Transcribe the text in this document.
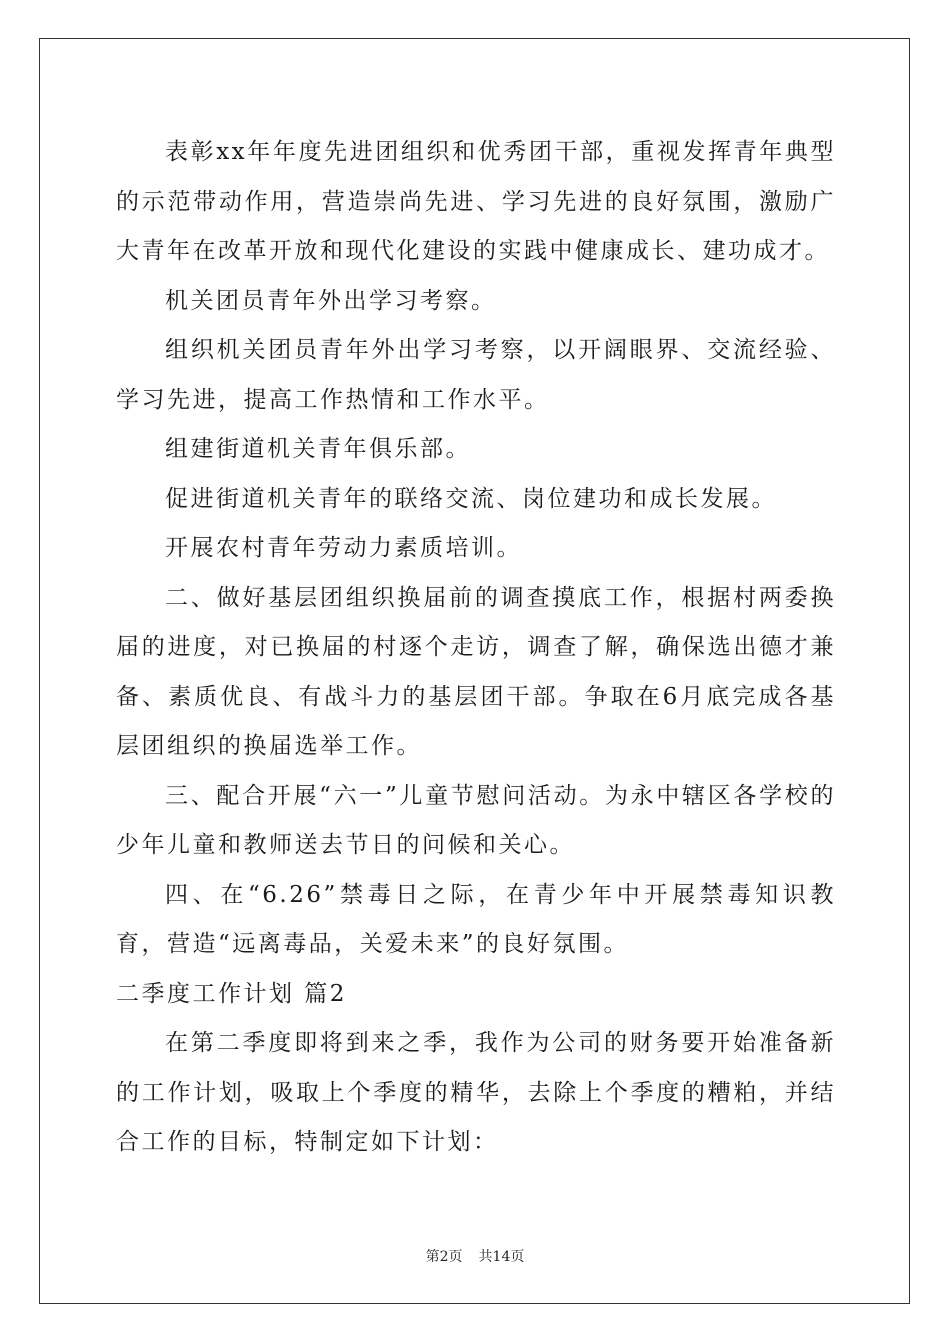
表彰xx年年度先进团组织和优秀团干部，重视发挥青年典型的示范带动作用，营造崇尚先进、学习先进的良好氛围，激励广大青年在改革开放和现代化建设的实践中健康成长、建功成才。

机关团员青年外出学习考察。

组织机关团员青年外出学习考察，以开阔眼界、交流经验、学习先进，提高工作热情和工作水平。

组建街道机关青年俱乐部。

促进街道机关青年的联络交流、岗位建功和成长发展。

开展农村青年劳动力素质培训。

二、做好基层团组织换届前的调查摸底工作，根据村两委换届的进度，对已换届的村逐个走访，调查了解，确保选出德才兼备、素质优良、有战斗力的基层团干部。争取在6月底完成各基层团组织的换届选举工作。

三、配合开展“六一”儿童节慰问活动。为永中辖区各学校的少年儿童和教师送去节日的问候和关心。

四、在“6.26”禁毒日之际，在青少年中开展禁毒知识教育，营造“远离毒品，关爱未来”的良好氛围。

二季度工作计划 篇2

在第二季度即将到来之季，我作为公司的财务要开始准备新的工作计划，吸取上个季度的精华，去除上个季度的糟粕，并结合工作的目标，特制定如下计划：

第2页 共14页
